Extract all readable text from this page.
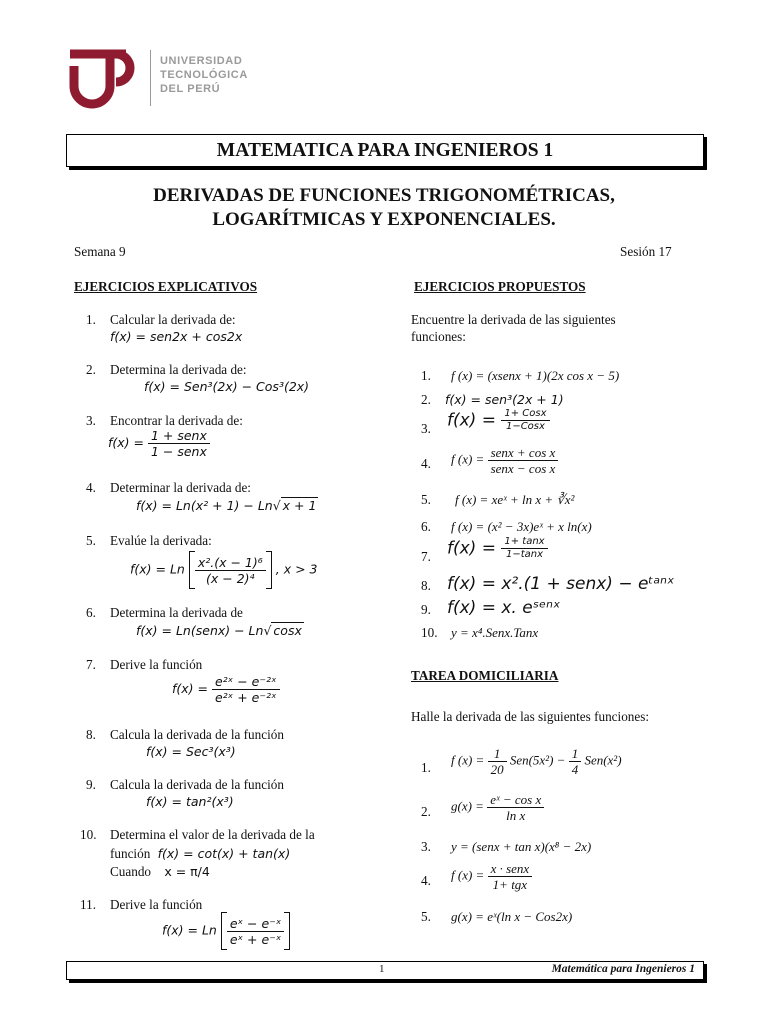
UNIVERSIDAD
TECNOLÓGICA
DEL PERÚ
MATEMATICA PARA INGENIEROS 1
DERIVADAS DE FUNCIONES TRIGONOMÉTRICAS,
LOGARÍTMICAS Y EXPONENCIALES.
Semana 9	Sesión 17
EJERCICIOS EXPLICATIVOS
1. Calcular la derivada de:
f(x) = sen2x + cos2x
2. Determina la derivada de:
f(x) = Sen³(2x) − Cos³(2x)
3. Encontrar la derivada de:
$f(x) = \frac{\text{1 + senx}}{\text{1 − senx}}$
4. Determinar la derivada de:
f(x) = Ln(x² + 1) − Ln√ x + 1
5. Evalúe la derivada:
f(x) = Ln $\frac{\text{x².(x − 1)⁶}}{\text{(x − 2)⁴}}$ , x > 3
6. Determina la derivada de
f(x) = Ln(senx) − Ln√ cosx
7. Derive la función
$f(x) = \frac{\text{e²ˣ − e⁻²ˣ}}{\text{e²ˣ + e⁻²ˣ}}$
8. Calcula la derivada de la función
f(x) = Sec³(x³)
9. Calcula la derivada de la función
f(x) = tan²(x³)
10. Determina el valor de la derivada de la
función f(x) = cot(x) + tan(x)
Cuando x = π/4
11. Derive la función
f(x) = Ln $\frac{\text{eˣ − e⁻ˣ}}{\text{eˣ + e⁻ˣ}}$
EJERCICIOS PROPUESTOS
Encuentre la derivada de las siguientes
funciones:
1. f (x) = (xsenx + 1)(2x cos x − 5)
2. f(x) = sen³(2x + 1)
3. $f(x) = \frac{\text{1+ Cosx}}{\text{1−Cosx}}$
4. f $(x) = \frac{\text{senx + cos x}}{\text{senx − cos x}}$
5. f (x) = xeˣ + ln x + ∛x²
6. f (x) = (x² − 3x)eˣ + x ln(x)
7. $f(x) = \frac{1+ \tan x}{1-\tan x}$
8. f(x) = x².(1 + senx) − eᵗᵃⁿˣ
9. f(x) = x. eˢᵉⁿˣ
10. y = x⁴.Senx.Tanx
TAREA DOMICILIARIA
Halle la derivada de las siguientes funciones:
1.
f $(x) = \frac{1}{20} Sen(5x^2) - \frac{1}{4} Sen(x^2)$
2. $g(x) = \frac{\text{eˣ − cos x}}{\text{ln x}}$
3. y = (senx + tan x)(x⁸ − 2x)
4. f $(x) = \frac{\text{x · senx}}{\text{1+ tgx}}$
5. g(x) = eˣ(ln x − Cos2x)
1	Matemática para Ingenieros 1
